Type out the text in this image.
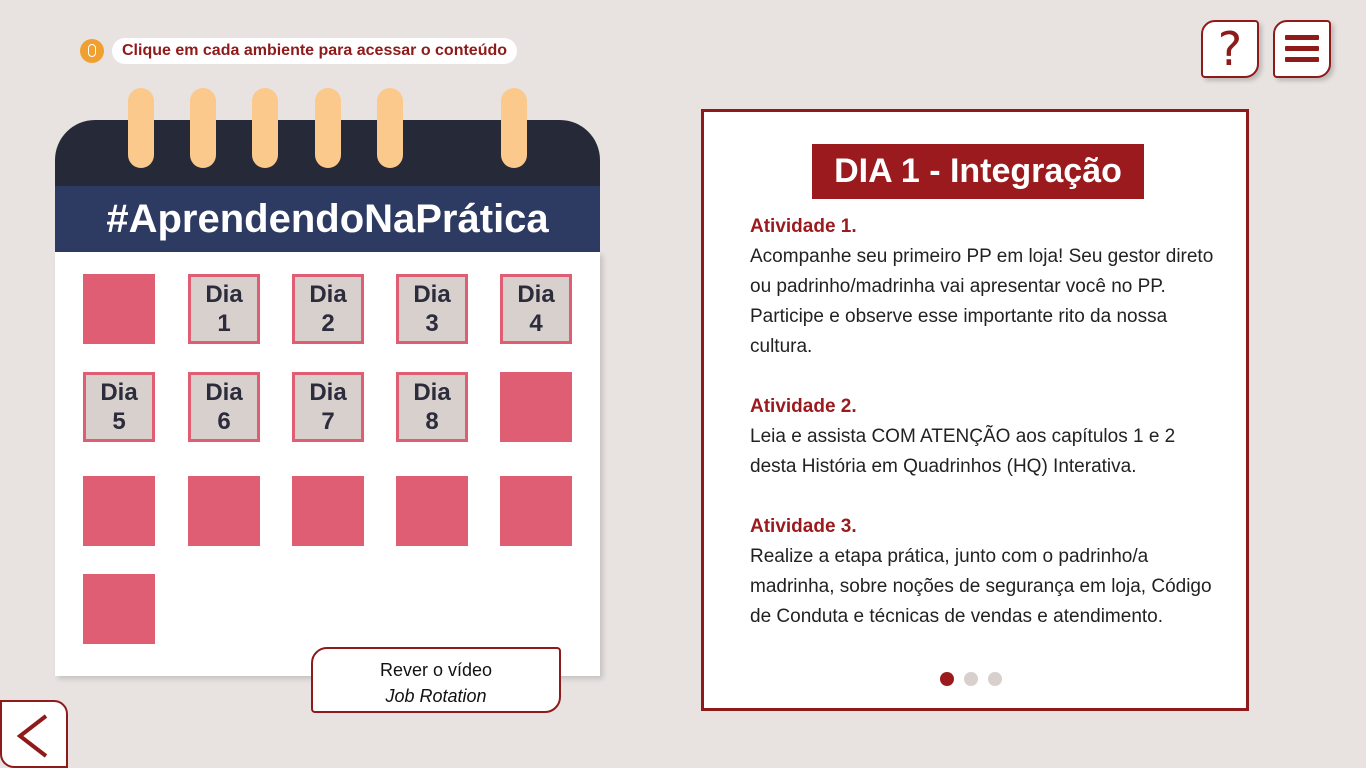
Clique em cada ambiente para acessar o conteúdo	?
#AprendendoNaPrática
Dia
1
Dia
2
Dia
3
Dia
4
Dia
5
Dia
6
Dia
7
Dia
8
Rever o vídeo
Job Rotation
DIA 1 - Integração
Atividade 1.
Acompanhe seu primeiro PP em loja! Seu gestor direto ou padrinho/madrinha vai apresentar você no PP. Participe e observe esse importante rito da nossa cultura.
Atividade 2.
Leia e assista COM ATENÇÃO aos capítulos 1 e 2 desta História em Quadrinhos (HQ) Interativa.
Atividade 3.
Realize a etapa prática, junto com o padrinho/a madrinha, sobre noções de segurança em loja, Código de Conduta e técnicas de vendas e atendimento.
